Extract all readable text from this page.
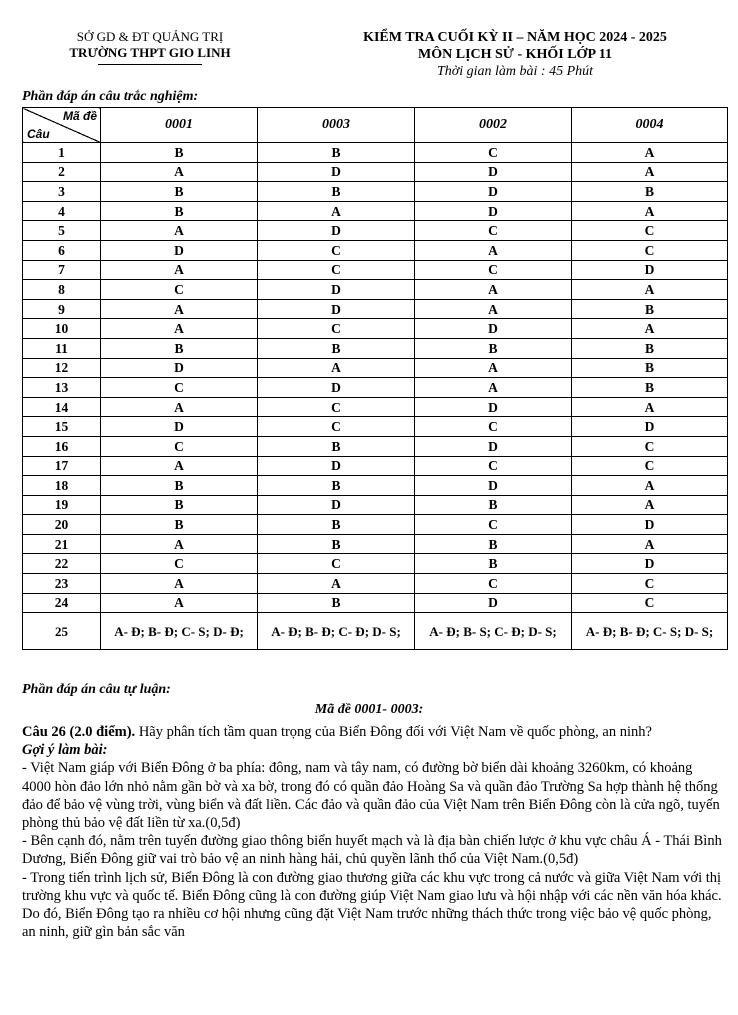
SỞ GD & ĐT QUẢNG TRỊ
TRƯỜNG THPT GIO LINH
KIỂM TRA CUỐI KỲ II – NĂM HỌC 2024 - 2025
MÔN LỊCH SỬ - KHỐI LỚP 11
Thời gian làm bài : 45 Phút
Phần đáp án câu trắc nghiệm:
Mã đề
Câu	0001	0003	0002	0004
1	B	B	C	A
2	A	D	D	A
3	B	B	D	B
4	B	A	D	A
5	A	D	C	C
6	D	C	A	C
7	A	C	C	D
8	C	D	A	A
9	A	D	A	B
10	A	C	D	A
11	B	B	B	B
12	D	A	A	B
13	C	D	A	B
14	A	C	D	A
15	D	C	C	D
16	C	B	D	C
17	A	D	C	C
18	B	B	D	A
19	B	D	B	A
20	B	B	C	D
21	A	B	B	A
22	C	C	B	D
23	A	A	C	C
24	A	B	D	C
25	A- Đ; B- Đ; C- S; D- Đ;	A- Đ; B- Đ; C- Đ; D- S;	A- Đ; B- S; C- Đ; D- S;	A- Đ; B- Đ; C- S; D- S;
Phần đáp án câu tự luận:
Mã đề 0001- 0003:

Câu 26 (2.0 điểm). Hãy phân tích tầm quan trọng của Biển Đông đối với Việt Nam về quốc phòng, an ninh?

Gợi ý làm bài:

- Việt Nam giáp với Biển Đông ở ba phía: đông, nam và tây nam, có đường bờ biển dài khoảng 3260km, có khoảng 4000 hòn đảo lớn nhỏ nằm gần bờ và xa bờ, trong đó có quần đảo Hoàng Sa và quần đảo Trường Sa hợp thành hệ thống đảo để bảo vệ vùng trời, vùng biển và đất liền. Các đảo và quần đảo của Việt Nam trên Biển Đông còn là cửa ngõ, tuyến phòng thủ bảo vệ đất liền từ xa.(0,5đ)

- Bên cạnh đó, nằm trên tuyến đường giao thông biển huyết mạch và là địa bàn chiến lược ở khu vực châu Á - Thái Bình Dương, Biển Đông giữ vai trò bảo vệ an ninh hàng hải, chủ quyền lãnh thổ của Việt Nam.(0,5đ)

- Trong tiến trình lịch sử, Biển Đông là con đường giao thương giữa các khu vực trong cả nước và giữa Việt Nam với thị trường khu vực và quốc tế. Biển Đông cũng là con đường giúp Việt Nam giao lưu và hội nhập với các nền văn hóa khác. Do đó, Biển Đông tạo ra nhiều cơ hội nhưng cũng đặt Việt Nam trước những thách thức trong việc bảo vệ quốc phòng, an ninh, giữ gìn bản sắc văn
